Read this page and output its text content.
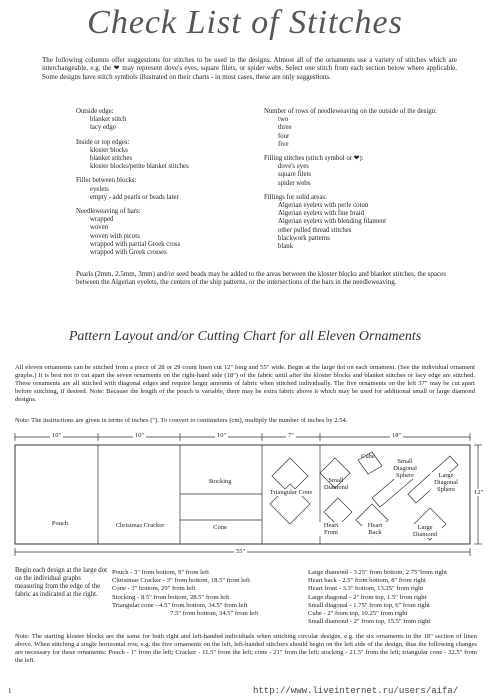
Check List of Stitches
The following columns offer suggestions for stitches to be used in the designs. Almost all of the ornaments use a variety of stitches which are interchangeable, e.g. the ❤ may represent dove's eyes, square filets, or spider webs. Select one stitch from each section below where applicable. Some designs have stitch symbols illustrated on their charts - in most cases, these are only suggestions.
Outside edge:
blanket stitch
lacy edge
Inside or top edges:
kloster blocks
blanket stitches
kloster blocks/petite blanket stitches
Filler between blocks:
eyelets
empty - add pearls or beads later
Needleweaving of bars:
wrapped
woven
woven with picots
wrapped with partial Greek cross
wrapped with Greek crosses
Number of rows of needleweaving on the outside of the design:
two
three
four
five
Filling stitches (stitch symbol or ❤):
dove's eyes
square filets
spider webs
Fillings for solid areas:
Algerian eyelets with perle coton
Algerian eyelets with fine braid
Algerian eyelets with blending filament
other pulled thread stitches
blackwork patterns
blank
Pearls (2mm, 2.5mm, 3mm) and/or seed beads may be added to the areas between the kloster blocks and blanket stitches, the spaces between the Algerian eyelets, the centers of the ship patterns, or the intersections of the bars in the needleweaving.
Pattern Layout and/or Cutting Chart for all Eleven Ornaments
All eleven ornaments can be stitched from a piece of 28 or 29 count linen cut 12" long and 55" wide. Begin at the large dot on each ornament. (See the individual ornament graphs.) It is best not to cut apart the seven ornaments on the right-hand side (18") of the fabric until after the kloster blocks and blanket stitches or lacy edge are stitched. These ornaments are all stitched with diagonal edges and require larger amounts of fabric when stitched individually. The five ornaments on the left 37" may be cut apart before stitching, if desired. Note: Because the length of the pouch is variable, there may be extra fabric above it which may be used for additional small or large diamond designs.
Note: The instructions are given in terms of inches ("). To convert to centimeters (cm), multiply the number of inches by 2.54.
10"	10"	10"	7"	18"
55"
12"
Pouch	Christmas Cracker
Stocking
Cone
Triangular Cone
Small Diamond
Cube
Small Diagonal Sphere	Large Diagonal Sphere
Heart Front
Heart Back
Large Diamond
Begin each design at the large dot on the individual graphs measuring from the edge of the fabric as indicated at the right.
Pouch - 3" from bottom, 9" from left
Christmas Cracker - 3" from bottom, 18.5" from left
Cone - 3" bottom, 29" from left
Stocking - 8.5" from bottom, 28.5" from left
Triangular cone - 4.5" from bottom, 34.5" from left
7.5" from bottom, 34.5" from left
Large diamond - 3.25" from bottom, 2.75"from right
Heart back - 2.5" from bottom, 8" from right
Heart front - 3.3" bottom, 13.25" from right
Large diagonal - 2" from top, 1.5" from right
Small diagonal - 1.75" from top, 6" from right
Cube - 2" from top, 10.25" from right
Small diamond - 2" from top, 15.5" from right
Note: The starting kloster blocks are the same for both right and left-handed individuals when stitching circular designs, e.g. the six ornaments in the 18" section of linen above. When stitching a single horizontal row, e.g. the five ornaments on the left, left-handed stitchers should begin on the left side of the design, thus the following changes are necessary for these ornaments: Pouch - 1" from the left; Cracker - 11.5" from the left; cone - 21" from the left; stocking - 21.5" from the left; triangular cone - 32.5" from the left.
1	http://www.liveinternet.ru/users/aifa/
